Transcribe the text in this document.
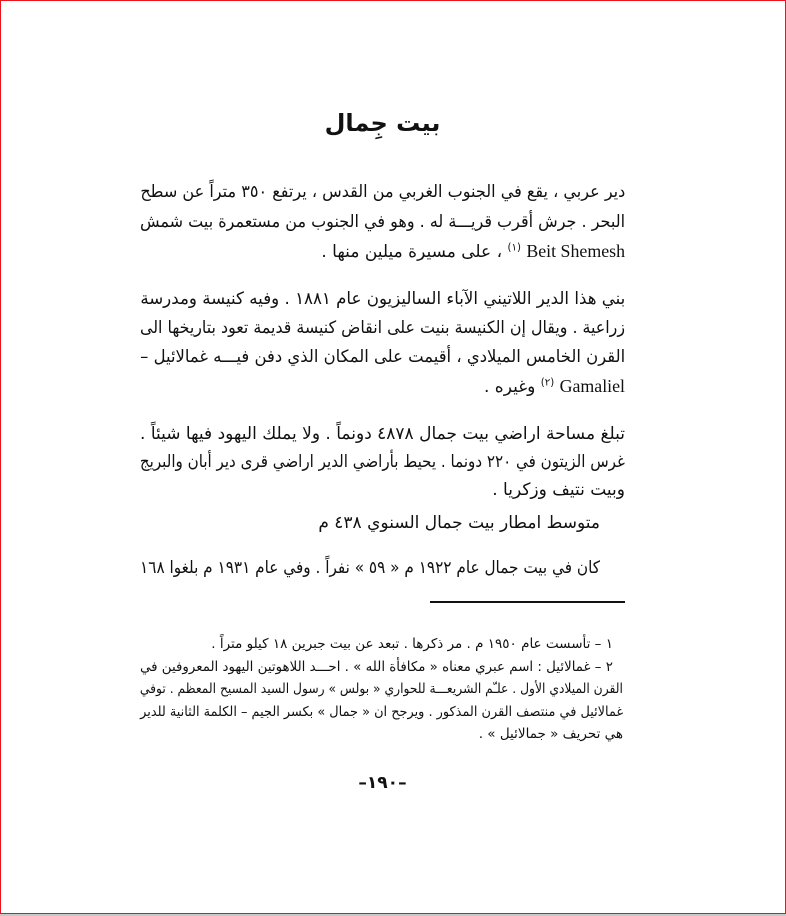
بيت جِمال
دير عربي ، يقع في الجنوب الغربي من القدس ، يرتفع ٣٥٠ متراً عن سطح
البحر . جرش أقرب قريـــة له . وهو في الجنوب من مستعمرة بيت شمش
Beit Shemesh $^{(١)}$ ، على مسيرة ميلين منها .
بني هذا الدير اللاتيني الآباء الساليزيون عام ١٨٨١ . وفيه كنيسة ومدرسة
زراعية . ويقال إن الكنيسة بنيت على انقاض كنيسة قديمة تعود بتاريخها الى
القرن الخامس الميلادي ، أقيمت على المكان الذي دفن فيـــه غمالائيل –
Gamaliel $^{(٢)}$ وغيره .
تبلغ مساحة اراضي بيت جمال ٤٨٧٨ دونماً . ولا يملك اليهود فيها شيئاً .
غرس الزيتون في ٢٢٠ دونما . يحيط بأراضي الدير اراضي قرى دير أبان والبريج
وبيت نتيف وزكريا .
متوسط امطار بيت جمال السنوي ٤٣٨ م
كان في بيت جمال عام ١٩٢٢ م « ٥٩ » نفراً . وفي عام ١٩٣١ م بلغوا ١٦٨
١ – تأسست عام ١٩٥٠ م . مر ذكرها . تبعد عن بيت جبرين ١٨ كيلو متراً .
٢ – غمالائيل : اسم عبري معناه « مكافأة الله » . احـــد اللاهوتين اليهود المعروفين في
القرن الميلادي الأول . علـّم الشريعـــة للحواري « بولس » رسول السيد المسيح المعظم . توفي
غمالائيل في منتصف القرن المذكور . ويرجح ان « جمال » بكسر الجيم – الكلمة الثانية للدير
هي تحريف « جمالائيل » .
–١٩٠–
